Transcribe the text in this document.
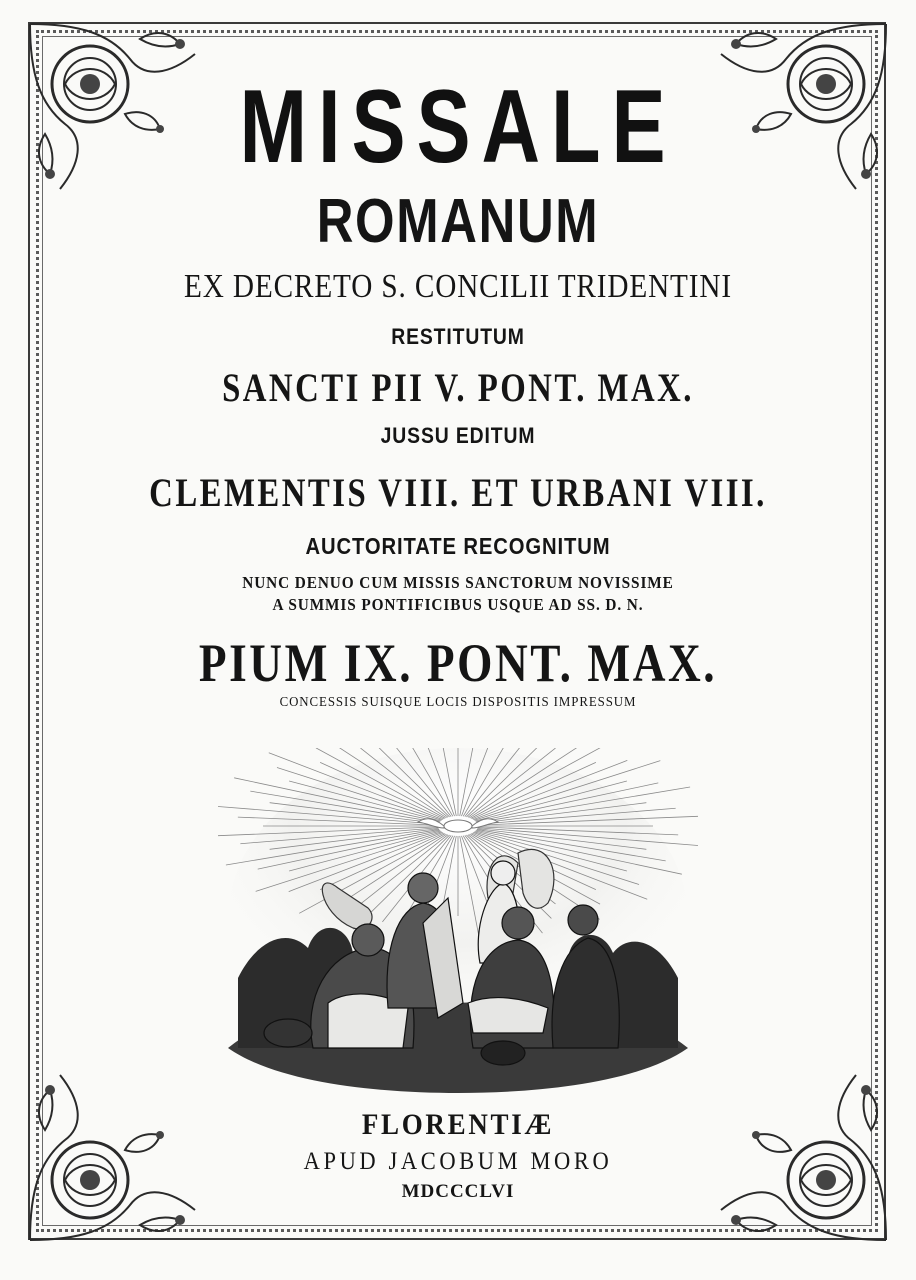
MISSALE
ROMANUM
EX DECRETO S. CONCILII TRIDENTINI
RESTITUTUM
SANCTI PII V. PONT. MAX.
JUSSU EDITUM
CLEMENTIS VIII. ET URBANI VIII.
AUCTORITATE RECOGNITUM
NUNC DENUO CUM MISSIS SANCTORUM NOVISSIME
A SUMMIS PONTIFICIBUS USQUE AD SS. D. N.
PIUM IX. PONT. MAX.
CONCESSIS SUISQUE LOCIS DISPOSITIS IMPRESSUM
FLORENTIÆ
APUD JACOBUM MORO
MDCCCLVI
